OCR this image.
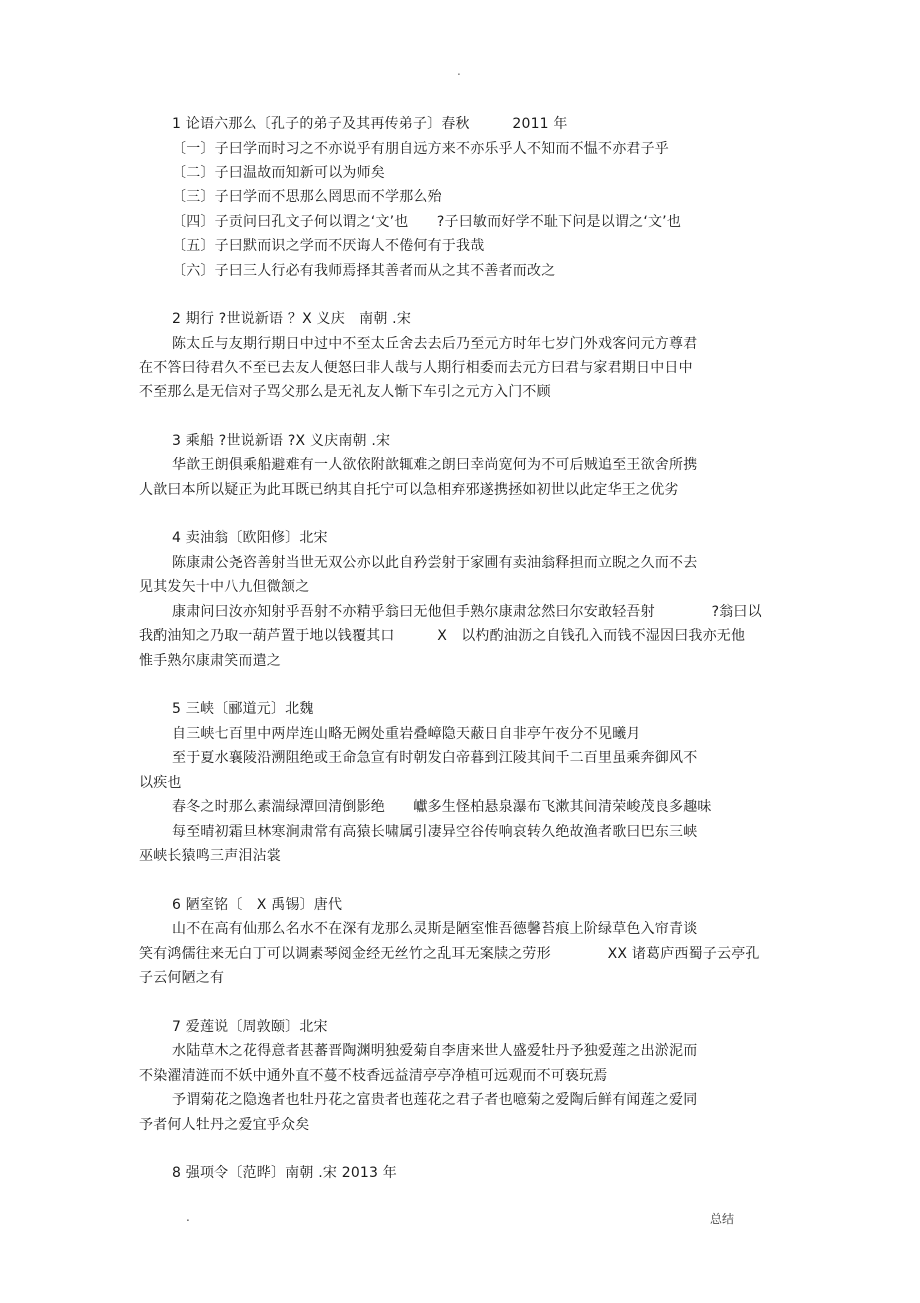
.
1 论语六那么〔孔子的弟子及其再传弟子〕春秋　　　2011 年
〔一〕子曰学而时习之不亦说乎有朋自远方来不亦乐乎人不知而不愠不亦君子乎
〔二〕子曰温故而知新可以为师矣
〔三〕子曰学而不思那么罔思而不学那么殆
〔四〕子贡问曰孔文子何以谓之‘文’也　　?子曰敏而好学不耻下问是以谓之‘文’也
〔五〕子曰默而识之学而不厌诲人不倦何有于我哉
〔六〕子曰三人行必有我师焉择其善者而从之其不善者而改之
2 期行 ?世说新语 ？X 义庆　南朝 .宋
陈太丘与友期行期日中过中不至太丘舍去去后乃至元方时年七岁门外戏客问元方尊君
在不答曰待君久不至已去友人便怒曰非人哉与人期行相委而去元方曰君与家君期日中日中
不至那么是无信对子骂父那么是无礼友人惭下车引之元方入门不顾
3 乘船 ?世说新语 ?X 义庆南朝 .宋
华歆王朗俱乘船避难有一人欲依附歆辄难之朗曰幸尚宽何为不可后贼追至王欲舍所携
人歆曰本所以疑正为此耳既已纳其自托宁可以急相弃邪遂携拯如初世以此定华王之优劣
4 卖油翁〔欧阳修〕北宋
陈康肃公尧咨善射当世无双公亦以此自矜尝射于家圃有卖油翁释担而立睨之久而不去
见其发矢十中八九但微颔之
康肃问曰汝亦知射乎吾射不亦精乎翁曰无他但手熟尔康肃忿然曰尔安敢轻吾射　　　　?翁曰以
我酌油知之乃取一葫芦置于地以钱覆其口　　　X　以杓酌油沥之自钱孔入而钱不湿因曰我亦无他
惟手熟尔康肃笑而遣之
5 三峡〔郦道元〕北魏
自三峡七百里中两岸连山略无阙处重岩叠嶂隐天蔽日自非亭午夜分不见曦月
至于夏水襄陵沿溯阻绝或王命急宣有时朝发白帝暮到江陵其间千二百里虽乘奔御风不
以疾也
春冬之时那么素湍绿潭回清倒影绝　　巘多生怪柏悬泉瀑布飞漱其间清荣峻茂良多趣味
每至晴初霜旦林寒涧肃常有高猿长啸属引凄异空谷传响哀转久绝故渔者歌曰巴东三峡
巫峡长猿鸣三声泪沾裳
6 陋室铭〔　X 禹锡〕唐代
山不在高有仙那么名水不在深有龙那么灵斯是陋室惟吾德馨苔痕上阶绿草色入帘青谈
笑有鸿儒往来无白丁可以调素琴阅金经无丝竹之乱耳无案牍之劳形　　　　XX 诸葛庐西蜀子云亭孔
子云何陋之有
7 爱莲说〔周敦颐〕北宋
水陆草木之花得意者甚蕃晋陶渊明独爱菊自李唐来世人盛爱牡丹予独爱莲之出淤泥而
不染濯清涟而不妖中通外直不蔓不枝香远益清亭亭净植可远观而不可亵玩焉
予谓菊花之隐逸者也牡丹花之富贵者也莲花之君子者也噫菊之爱陶后鲜有闻莲之爱同
予者何人牡丹之爱宜乎众矣
8 强项令〔范晔〕南朝 .宋 2013 年
.	总结
